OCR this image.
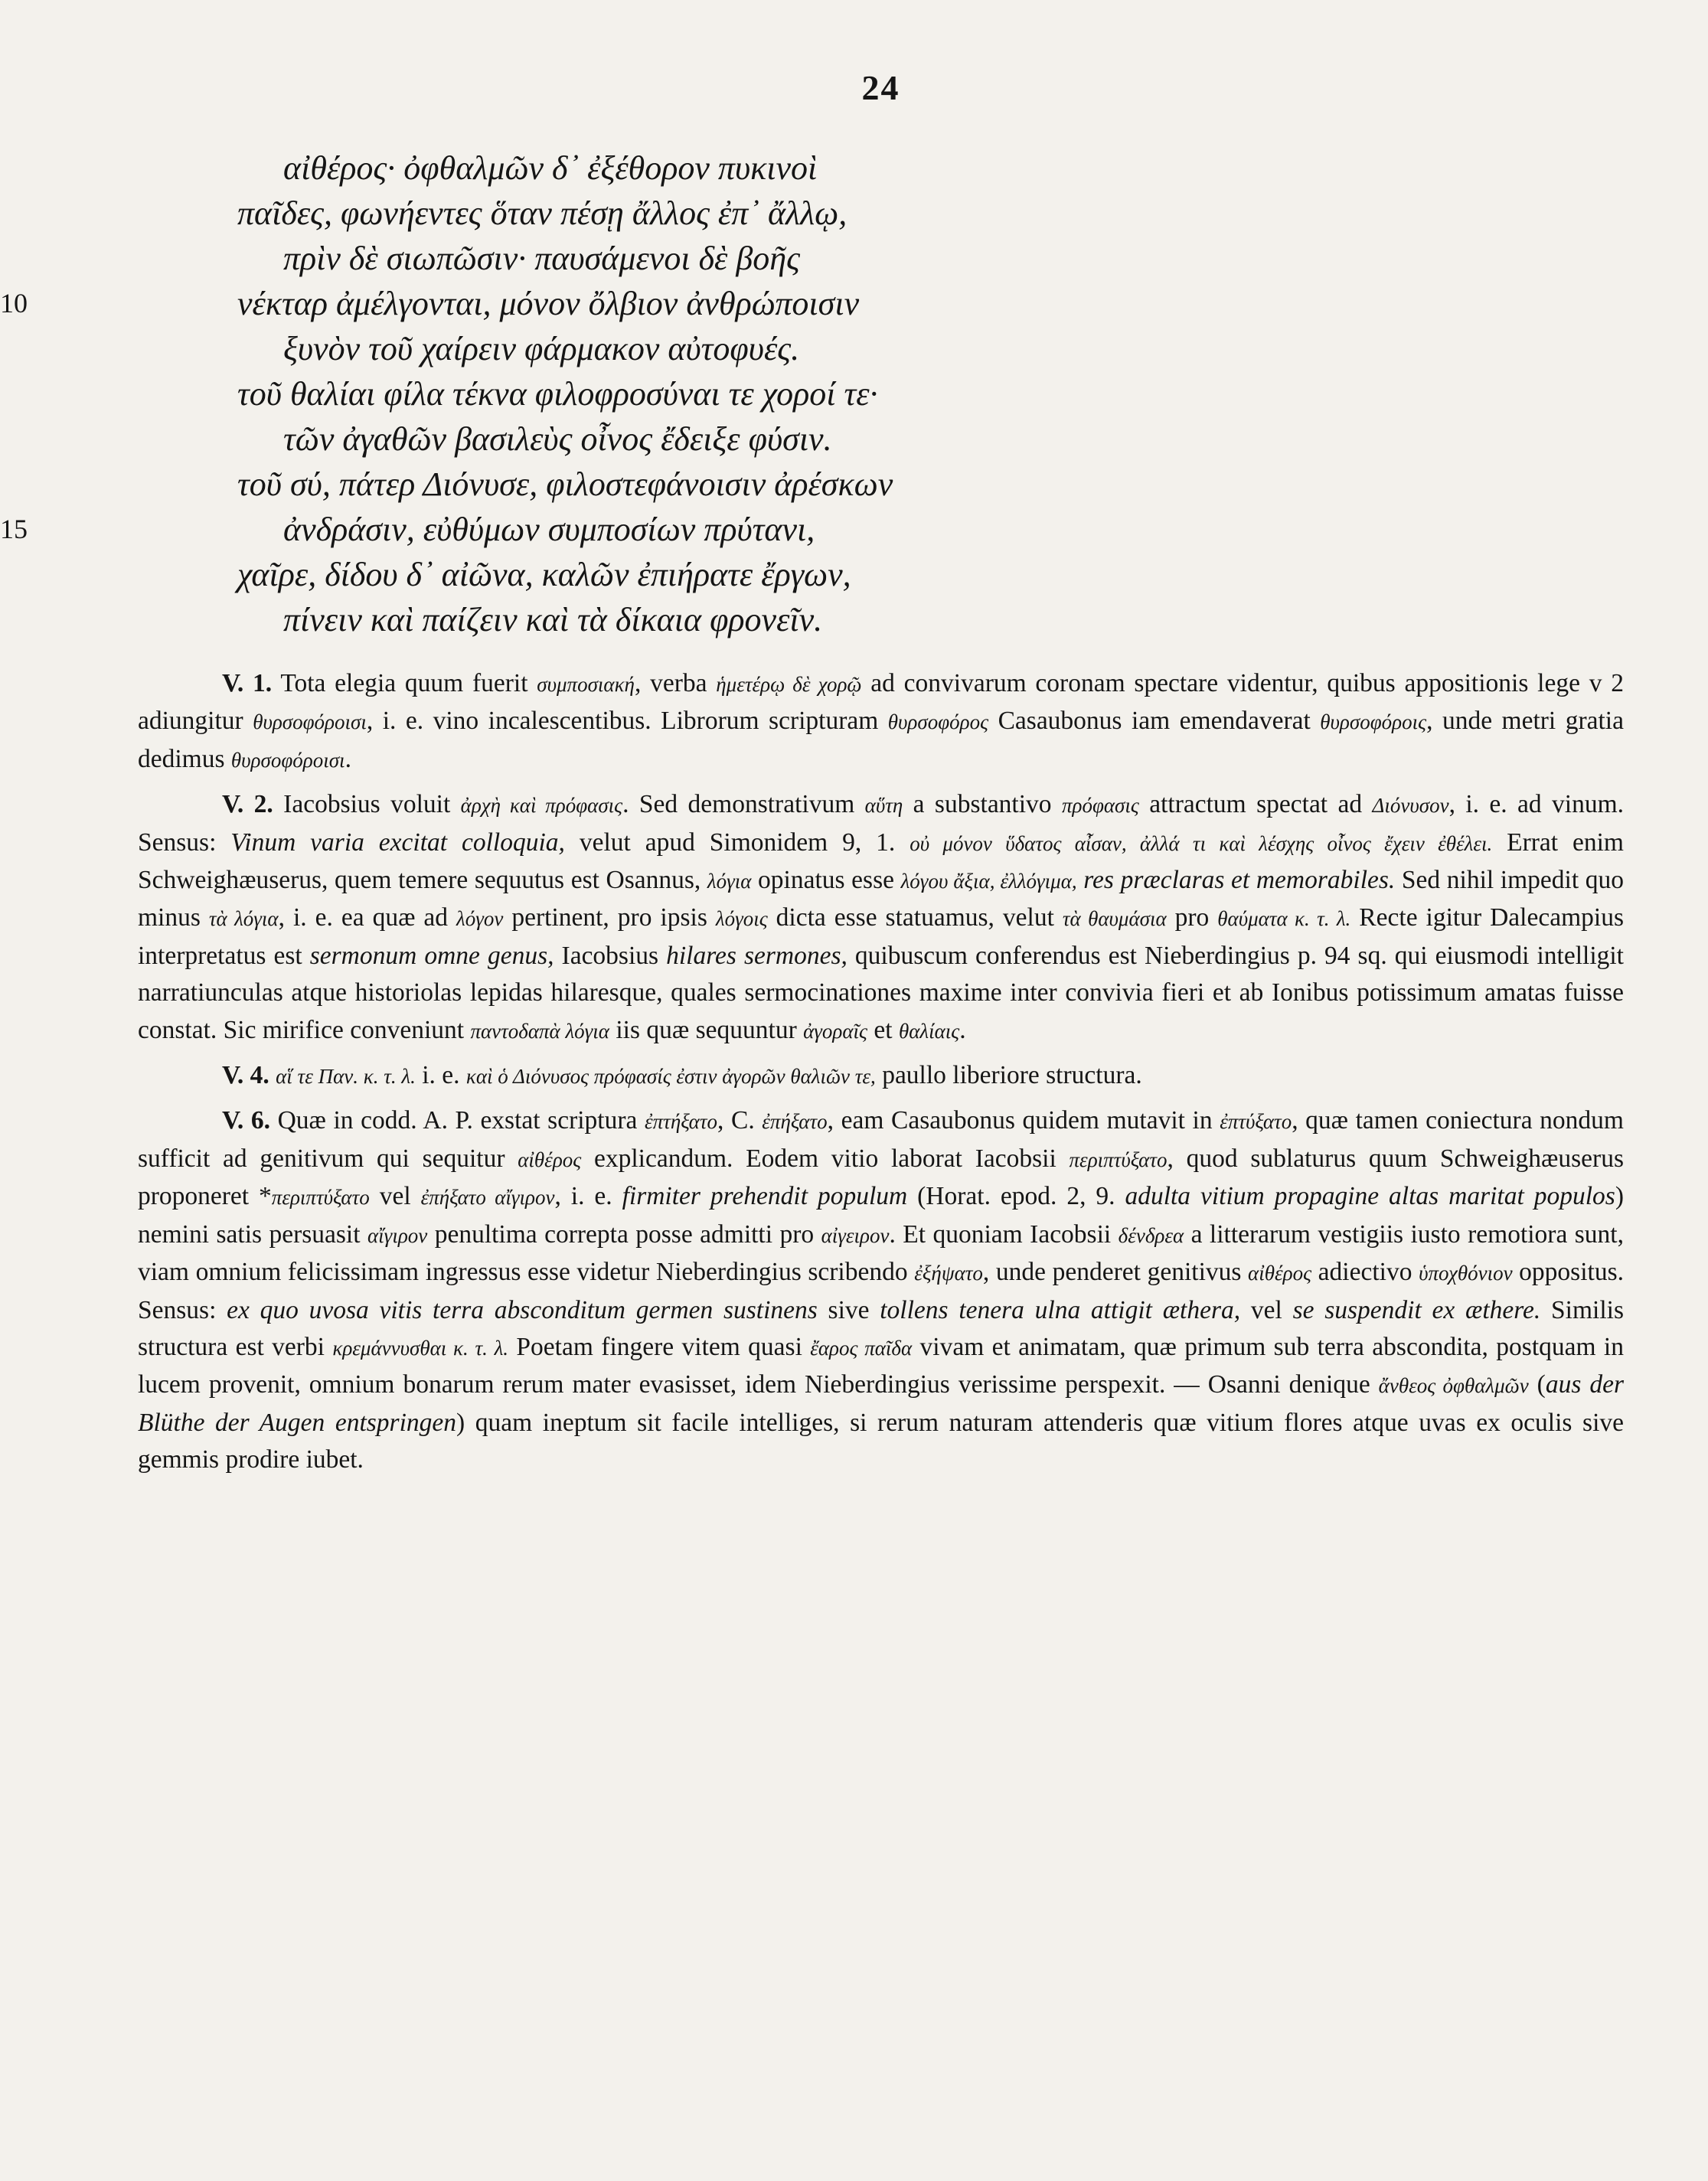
24
αἰθέρος· ὀφθαλμῶν δ᾽ ἐξέθορον πυκινοὶ
παῖδες, φωνήεντες ὅταν πέσῃ ἄλλος ἐπ᾽ ἄλλῳ,
πρὶν δὲ σιωπῶσιν· παυσάμενοι δὲ βοῆς
10	νέκταρ ἀμέλγονται, μόνον ὄλβιον ἀνθρώποισιν
ξυνὸν τοῦ χαίρειν φάρμακον αὐτοφυές.
τοῦ θαλίαι φίλα τέκνα φιλοφροσύναι τε χοροί τε·
τῶν ἀγαθῶν βασιλεὺς οἶνος ἔδειξε φύσιν.
τοῦ σύ, πάτερ Διόνυσε, φιλοστεφάνοισιν ἀρέσκων
15	ἀνδράσιν, εὐθύμων συμποσίων πρύτανι,
χαῖρε, δίδου δ᾽ αἰῶνα, καλῶν ἐπιήρατε ἔργων,
πίνειν καὶ παίζειν καὶ τὰ δίκαια φρονεῖν.

V. 1. Tota elegia quum fuerit συμποσιακή, verba ἡμετέρῳ δὲ χορῷ ad convivarum coronam spectare videntur, quibus appositionis lege v 2 adiungitur θυρσοφόροισι, i. e. vino incalescentibus. Librorum scripturam θυρσοφόρος Casaubonus iam emendaverat θυρσοφόροις, unde metri gratia dedimus θυρσοφόροισι.

V. 2. Iacobsius voluit ἀρχὴ καὶ πρόφασις. Sed demonstrativum αὕτη a substantivo πρόφασις attractum spectat ad Διόνυσον, i. e. ad vinum. Sensus: Vinum varia excitat colloquia, velut apud Simonidem 9, 1. οὐ μόνον ὕδατος αἶσαν, ἀλλά τι καὶ λέσχης οἶνος ἔχειν ἐθέλει. Errat enim Schweighæuserus, quem temere sequutus est Osannus, λόγια opinatus esse λόγου ἄξια, ἐλλόγιμα, res præclaras et memorabiles. Sed nihil impedit quo minus τὰ λόγια, i. e. ea quæ ad λόγον pertinent, pro ipsis λόγοις dicta esse statuamus, velut τὰ θαυμάσια pro θαύματα κ. τ. λ. Recte igitur Dalecampius interpretatus est sermonum omne genus, Iacobsius hilares sermones, quibuscum conferendus est Nieberdingius p. 94 sq. qui eiusmodi intelligit narratiunculas atque historiolas lepidas hilaresque, quales sermocinationes maxime inter convivia fieri et ab Ionibus potissimum amatas fuisse constat. Sic mirifice conveniunt παντοδαπὰ λόγια iis quæ sequuntur ἀγοραῖς et θαλίαις.

V. 4. αἵ τε Παν. κ. τ. λ. i. e. καὶ ὁ Διόνυσος πρόφασίς ἐστιν ἀγορῶν θαλιῶν τε, paullo liberiore structura.

V. 6. Quæ in codd. A. P. exstat scriptura ἐπτήξατο, C. ἐπήξατο, eam Casaubonus quidem mutavit in ἐπτύξατο, quæ tamen coniectura nondum sufficit ad genitivum qui sequitur αἰθέρος explicandum. Eodem vitio laborat Iacobsii περιπτύξατο, quod sublaturus quum Schweighæuserus proponeret *περιπτύξατο vel ἐπήξατο αἴγιρον, i. e. firmiter prehendit populum (Horat. epod. 2, 9. adulta vitium propagine altas maritat populos) nemini satis persuasit αἴγιρον penultima correpta posse admitti pro αἰγειρον. Et quoniam Iacobsii δένδρεα a litterarum vestigiis iusto remotiora sunt, viam omnium felicissimam ingressus esse videtur Nieberdingius scribendo ἐξήψατο, unde penderet genitivus αἰθέρος adiectivo ὑποχθόνιον oppositus. Sensus: ex quo uvosa vitis terra absconditum germen sustinens sive tollens tenera ulna attigit æthera, vel se suspendit ex æthere. Similis structura est verbi κρεμάννυσθαι κ. τ. λ. Poetam fingere vitem quasi ἔαρος παῖδα vivam et animatam, quæ primum sub terra abscondita, postquam in lucem provenit, omnium bonarum rerum mater evasisset, idem Nieberdingius verissime perspexit. — Osanni denique ἄνθεος ὀφθαλμῶν (aus der Blüthe der Augen entspringen) quam ineptum sit facile intelliges, si rerum naturam attenderis quæ vitium flores atque uvas ex oculis sive gemmis prodire iubet.
